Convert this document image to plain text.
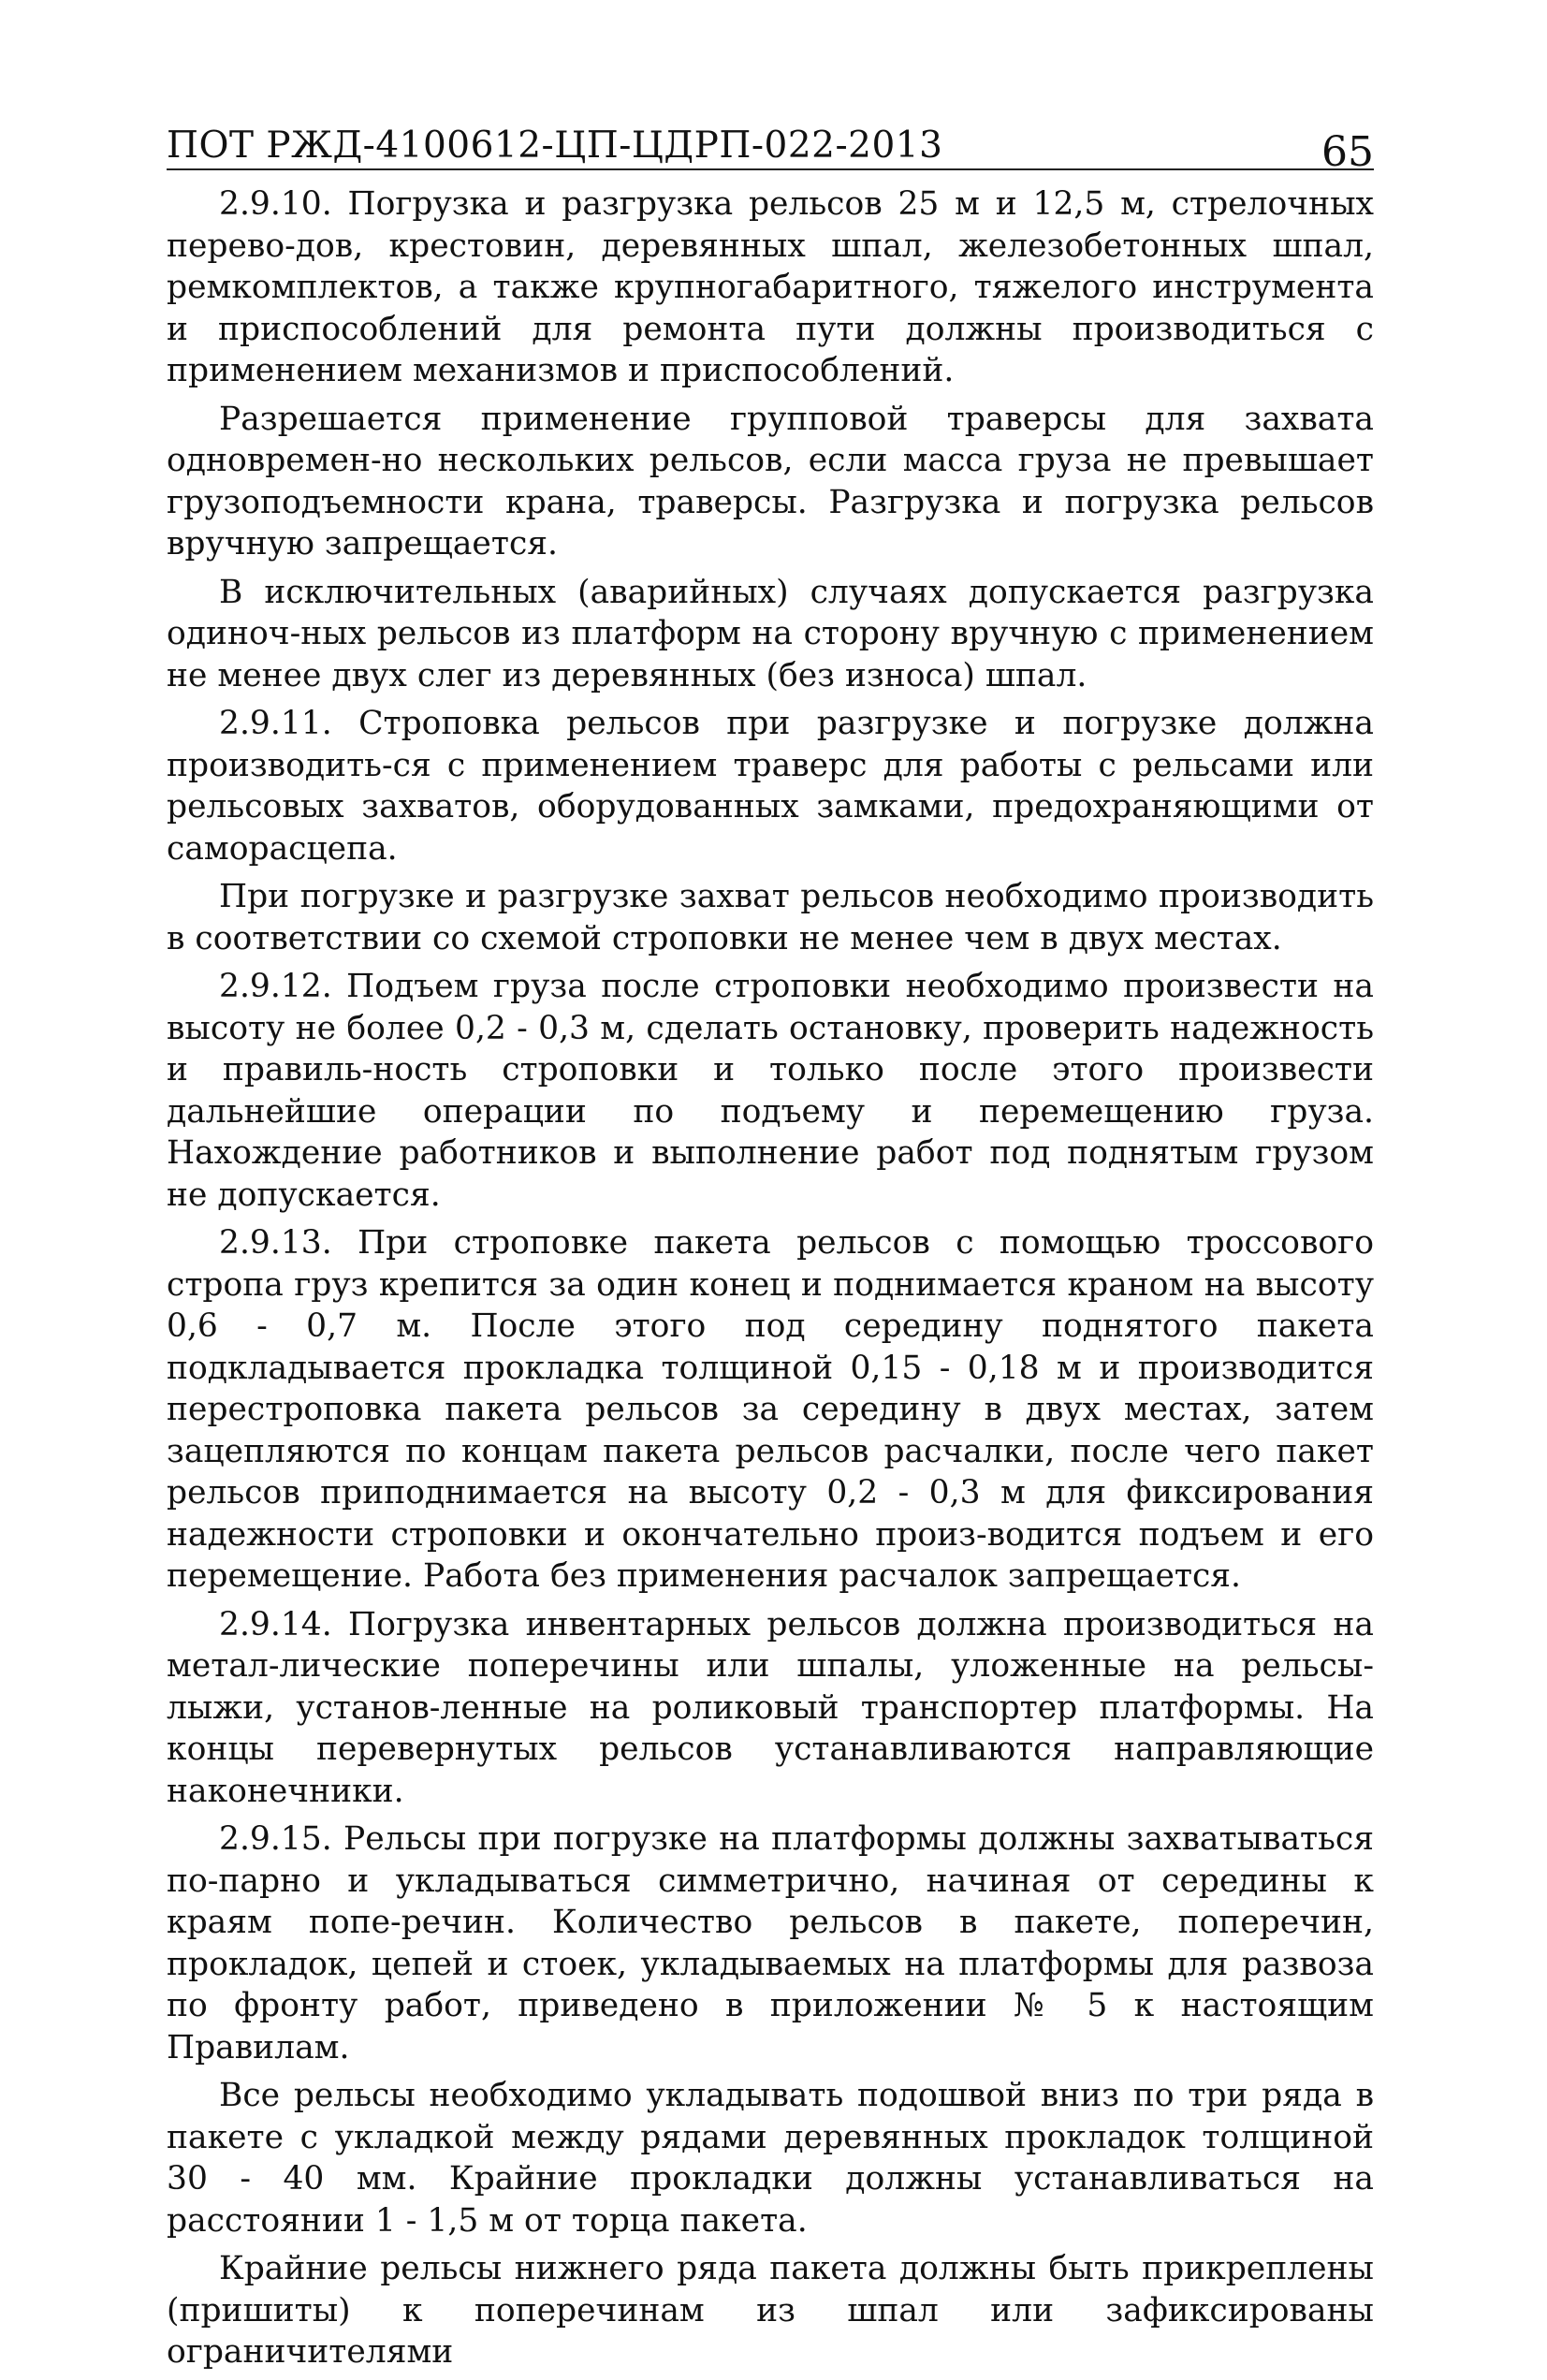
ПОТ РЖД-4100612-ЦП-ЦДРП-022-2013	65

2.9.10. Погрузка и разгрузка рельсов 25 м и 12,5 м, стрелочных перево-дов, крестовин, деревянных шпал, железобетонных шпал, ремкомплектов, а также крупногабаритного, тяжелого инструмента и приспособлений для ремонта пути должны производиться с применением механизмов и приспособлений.

Разрешается применение групповой траверсы для захвата одновремен-но нескольких рельсов, если масса груза не превышает грузоподъемности крана, траверсы. Разгрузка и погрузка рельсов вручную запрещается.

В исключительных (аварийных) случаях допускается разгрузка одиноч-ных рельсов из платформ на сторону вручную с применением не менее двух слег из деревянных (без износа) шпал.

2.9.11. Строповка рельсов при разгрузке и погрузке должна производить-ся с применением траверс для работы с рельсами или рельсовых захватов, оборудованных замками, предохраняющими от саморасцепа.

При погрузке и разгрузке захват рельсов необходимо производить в соответствии со схемой строповки не менее чем в двух местах.

2.9.12. Подъем груза после строповки необходимо произвести на высоту не более 0,2 - 0,3 м, сделать остановку, проверить надежность и правиль-ность строповки и только после этого произвести дальнейшие операции по подъему и перемещению груза. Нахождение работников и выполнение работ под поднятым грузом не допускается.

2.9.13. При строповке пакета рельсов с помощью троссового стропа груз крепится за один конец и поднимается краном на высоту 0,6 - 0,7 м. После этого под середину поднятого пакета подкладывается прокладка толщиной 0,15 - 0,18 м и производится перестроповка пакета рельсов за середину в двух местах, затем зацепляются по концам пакета рельсов расчалки, после чего пакет рельсов приподнимается на высоту 0,2 - 0,3 м для фиксирования надежности строповки и окончательно произ-водится подъем и его перемещение. Работа без применения расчалок запрещается.

2.9.14. Погрузка инвентарных рельсов должна производиться на метал-лические поперечины или шпалы, уложенные на рельсы-лыжи, установ-ленные на роликовый транспортер платформы. На концы перевернутых рельсов устанавливаются направляющие наконечники.

2.9.15. Рельсы при погрузке на платформы должны захватываться по-парно и укладываться симметрично, начиная от середины к краям попе-речин. Количество рельсов в пакете, поперечин, прокладок, цепей и стоек, укладываемых на платформы для развоза по фронту работ, приведено в приложении № 5 к настоящим Правилам.

Все рельсы необходимо укладывать подошвой вниз по три ряда в пакете с укладкой между рядами деревянных прокладок толщиной 30 - 40 мм. Крайние прокладки должны устанавливаться на расстоянии 1 - 1,5 м от торца пакета.

Крайние рельсы нижнего ряда пакета должны быть прикреплены (пришиты) к поперечинам из шпал или зафиксированы ограничителями
